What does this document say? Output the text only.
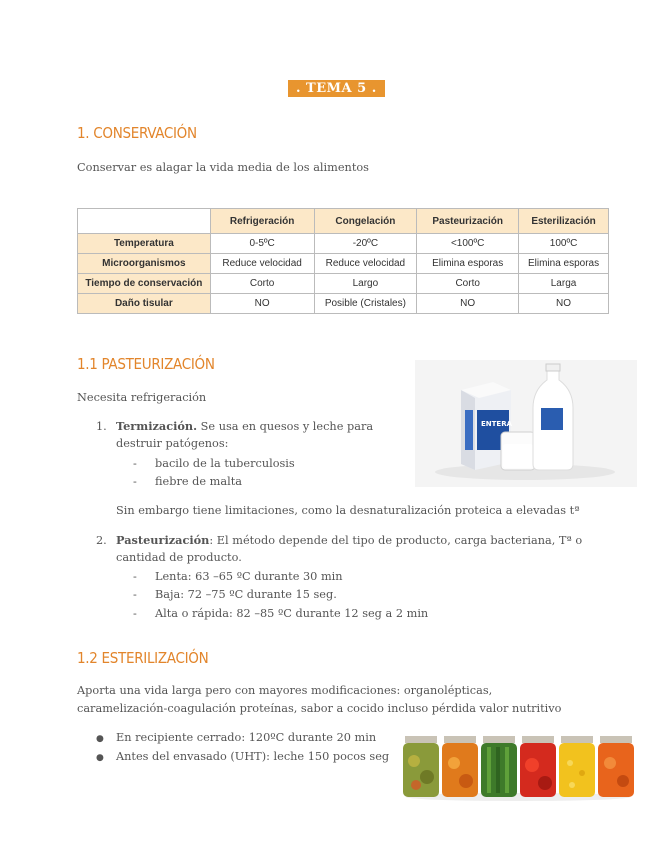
. TEMA 5 .
1. CONSERVACIÓN
Conservar es alagar la vida media de los alimentos
	Refrigeración	Congelación	Pasteurización	Esterilización
Temperatura	0-5ºC	-20ºC	<100ºC	100ºC
Microorganismos	Reduce velocidad	Reduce velocidad	Elimina esporas	Elimina esporas
Tiempo de conservación	Corto	Largo	Corto	Larga
Daño tisular	NO	Posible (Cristales)	NO	NO
1.1 PASTEURIZACIÓN
Necesita refrigeración
1. Termización. Se usa en quesos y leche para
destruir patógenos:
- bacilo de la tuberculosis
- fiebre de malta
Sin embargo tiene limitaciones, como la desnaturalización proteica a elevadas tª
2. Pasteurización: El método depende del tipo de producto, carga bacteriana, Tª o
cantidad de producto.
- Lenta: 63 –65 ºC durante 30 min
- Baja: 72 –75 ºC durante 15 seg.
- Alta o rápida: 82 –85 ºC durante 12 seg a 2 min
ENTERA
1.2 ESTERILIZACIÓN
Aporta una vida larga pero con mayores modificaciones: organolépticas,
caramelización-coagulación proteínas, sabor a cocido incluso pérdida valor nutritivo
● En recipiente cerrado: 120ºC durante 20 min
● Antes del envasado (UHT): leche 150 pocos seg
